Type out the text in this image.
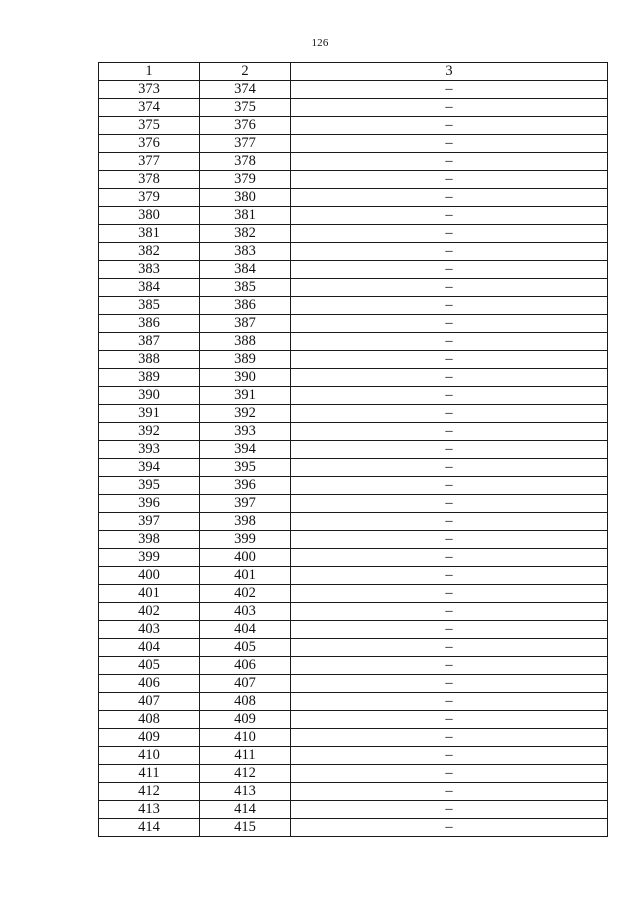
126
1	2	3
373	374	–
374	375	–
375	376	–
376	377	–
377	378	–
378	379	–
379	380	–
380	381	–
381	382	–
382	383	–
383	384	–
384	385	–
385	386	–
386	387	–
387	388	–
388	389	–
389	390	–
390	391	–
391	392	–
392	393	–
393	394	–
394	395	–
395	396	–
396	397	–
397	398	–
398	399	–
399	400	–
400	401	–
401	402	–
402	403	–
403	404	–
404	405	–
405	406	–
406	407	–
407	408	–
408	409	–
409	410	–
410	411	–
411	412	–
412	413	–
413	414	–
414	415	–
